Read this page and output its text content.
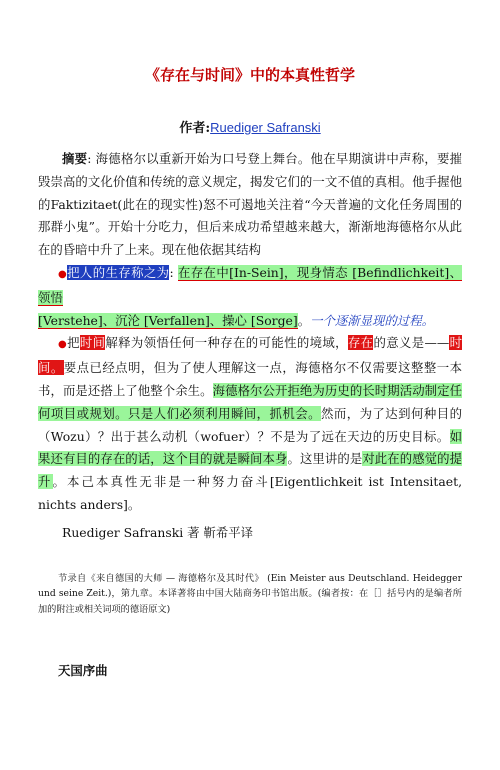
《存在与时间》中的本真性哲学
作者:Ruediger Safranski

摘要: 海德格尔以重新开始为口号登上舞台。他在早期演讲中声称，要摧毁崇高的文化价值和传统的意义规定，揭发它们的一文不值的真相。他手握他的Faktizitaet(此在的现实性)怒不可遏地关注着“今天普遍的文化任务周围的那群小鬼”。开始十分吃力，但后来成功希望越来越大，渐渐地海德格尔从此在的昏暗中升了上来。现在他依据其结构

●把人的生存称之为: 在存在中[In-Sein]，现身情态 [Befindlichkeit]、领悟
[Verstehe]、沉沦 [Verfallen]、操心 [Sorge]。一个逐渐显现的过程。

●把时间解释为领悟任何一种存在的可能性的境域，存在的意义是——时间。要点已经点明，但为了使人理解这一点，海德格尔不仅需要这整整一本书，而是还搭上了他整个余生。海德格尔公开拒绝为历史的长时期活动制定任何项目或规划。只是人们必须利用瞬间，抓机会。然而，为了达到何种目的（Wozu）？出于甚么动机（wofuer）？不是为了远在天边的历史目标。如果还有目的存在的话，这个目的就是瞬间本身。这里讲的是对此在的感觉的提升。本己本真性无非是一种努力奋斗[Eigentlichkeit ist Intensitaet, nichts anders]。

Ruediger Safranski 著 靳希平译
节录自《来自德国的大师 — 海德格尔及其时代》 (Ein Meister aus Deutschland. Heidegger und seine Zeit.)，第九章。本译著将由中国大陆商务印书馆出版。(编者按：在［］括号内的是编者所加的附注或相关词项的德语原文)
天国序曲
